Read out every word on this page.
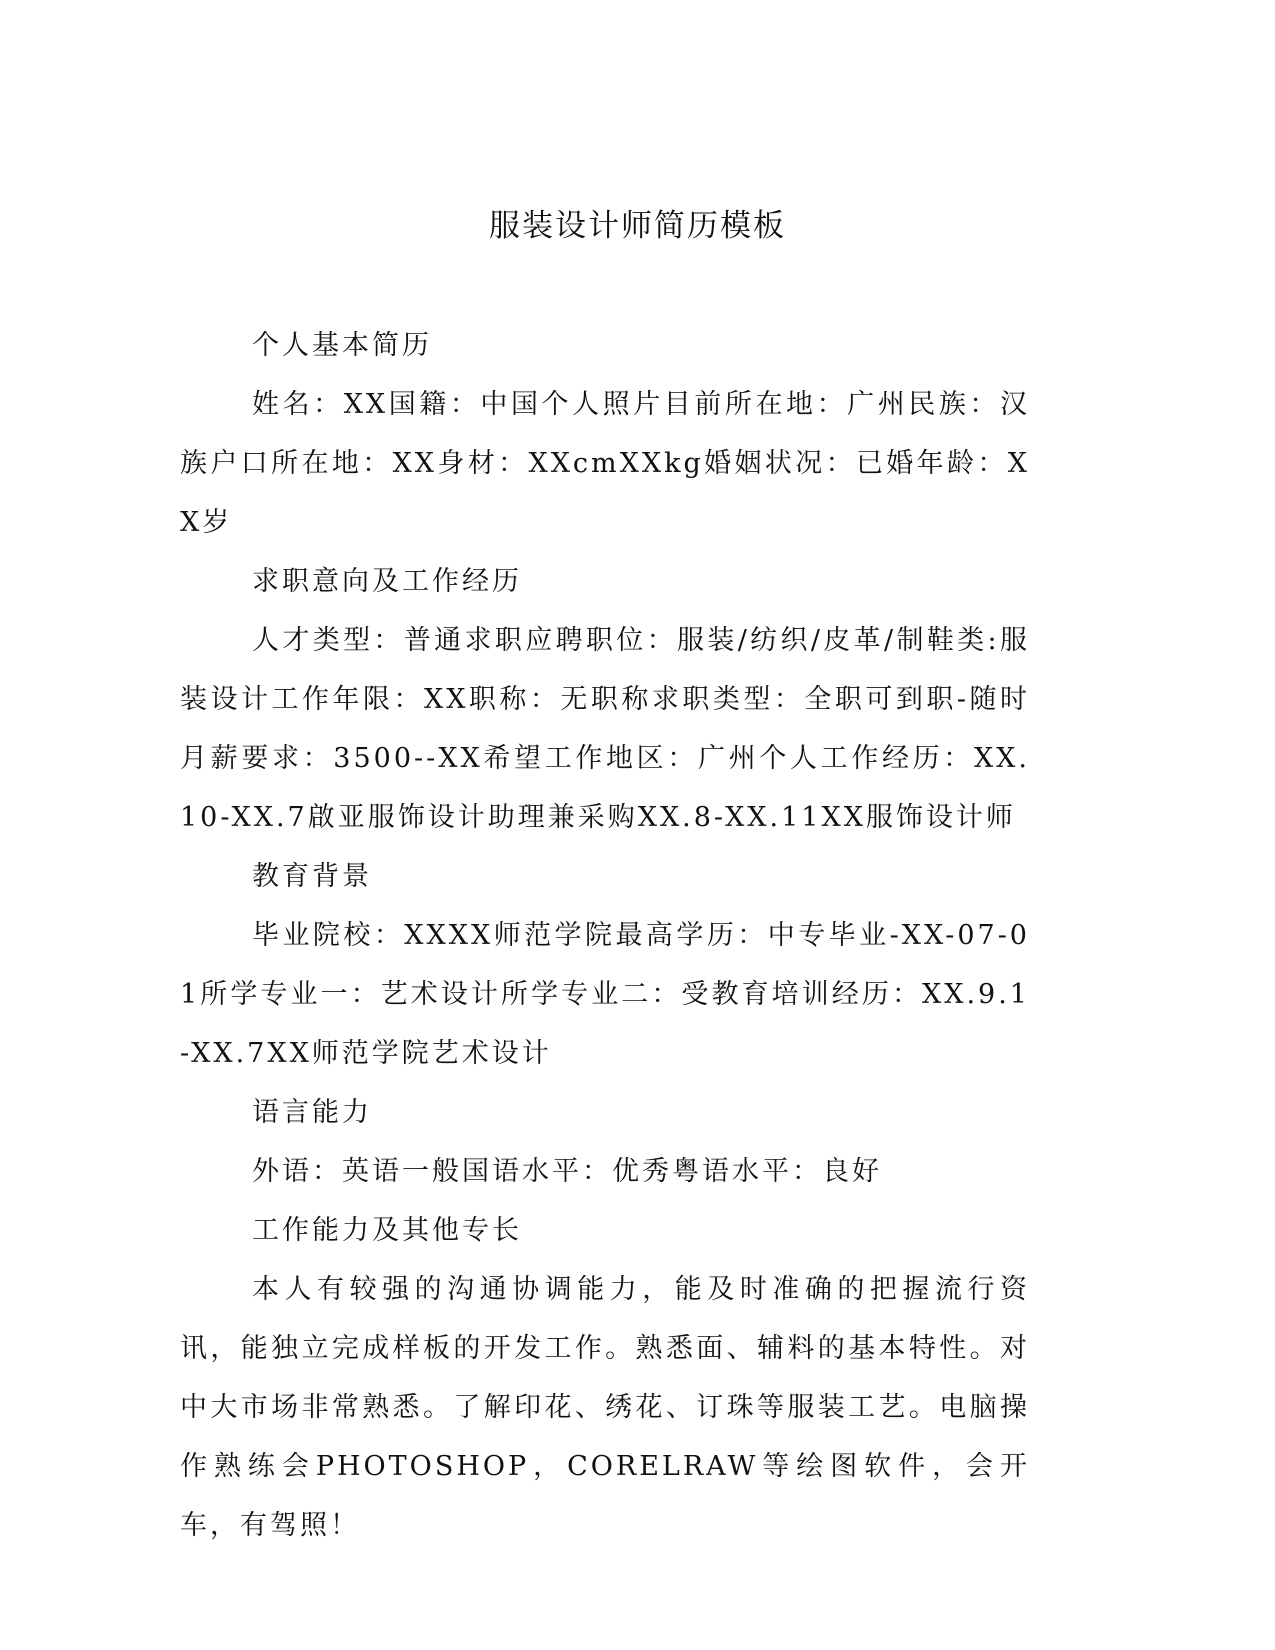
服装设计师简历模板

个人基本简历

姓名：XX国籍：中国个人照片目前所在地：广州民族：汉族户口所在地：XX身材：XXcmXXkg婚姻状况：已婚年龄：XX岁

求职意向及工作经历

人才类型：普通求职应聘职位：服装/纺织/皮革/制鞋类:服装设计工作年限：XX职称：无职称求职类型：全职可到职-随时月薪要求：3500--XX希望工作地区：广州个人工作经历：XX.10-XX.7啟亚服饰设计助理兼采购XX.8-XX.11XX服饰设计师

教育背景

毕业院校：XXXX师范学院最高学历：中专毕业-XX-07-01所学专业一：艺术设计所学专业二：受教育培训经历：XX.9.1-XX.7XX师范学院艺术设计

语言能力

外语：英语一般国语水平：优秀粤语水平：良好

工作能力及其他专长

本人有较强的沟通协调能力，能及时准确的把握流行资讯，能独立完成样板的开发工作。熟悉面、辅料的基本特性。对中大市场非常熟悉。了解印花、绣花、订珠等服装工艺。电脑操作熟练会PHOTOSHOP，CORELRAW等绘图软件，会开车，有驾照！
